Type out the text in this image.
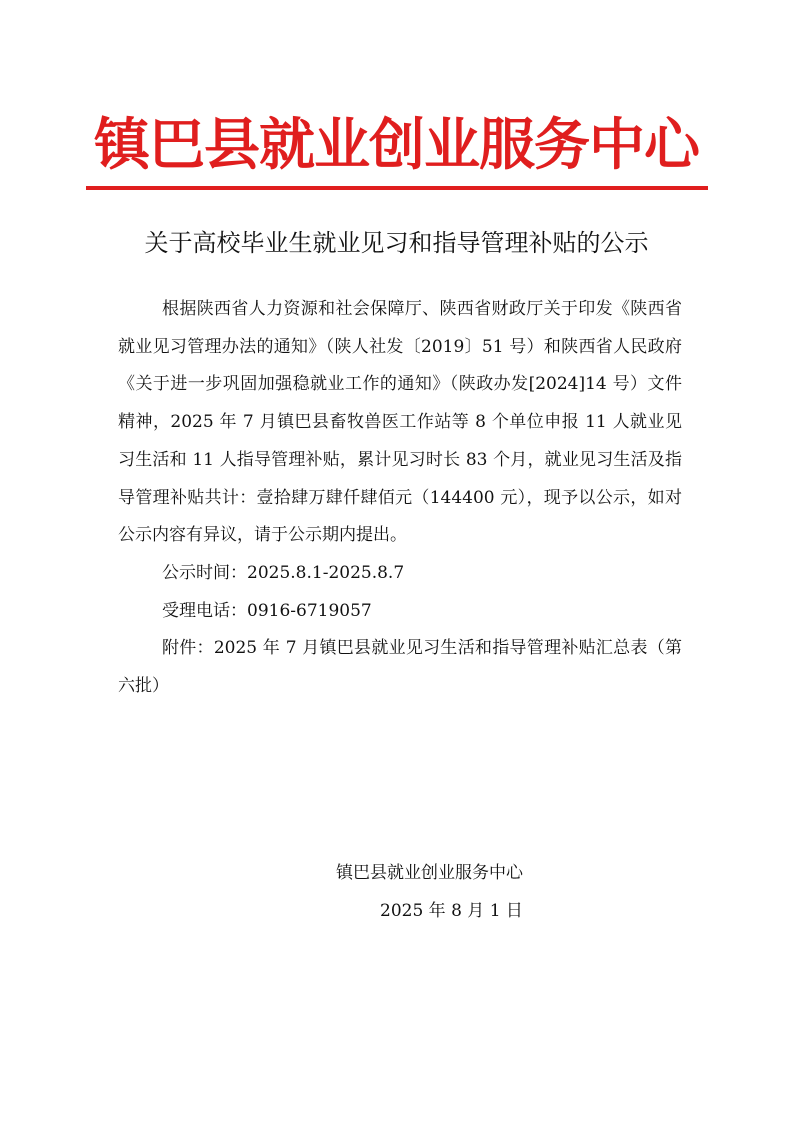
镇巴县就业创业服务中心
关于高校毕业生就业见习和指导管理补贴的公示

根据陕西省人力资源和社会保障厅、陕西省财政厅关于印发《陕西省就业见习管理办法的通知》（陕人社发〔2019〕51 号）和陕西省人民政府《关于进一步巩固加强稳就业工作的通知》（陕政办发[2024]14 号）文件精神，2025 年 7 月镇巴县畜牧兽医工作站等 8 个单位申报 11 人就业见习生活和 11 人指导管理补贴，累计见习时长 83 个月，就业见习生活及指导管理补贴共计：壹拾肆万肆仟肆佰元（144400 元），现予以公示，如对公示内容有异议，请于公示期内提出。

公示时间：2025.8.1-2025.8.7

受理电话：0916-6719057

附件：2025 年 7 月镇巴县就业见习生活和指导管理补贴汇总表（第六批）

镇巴县就业创业服务中心
2025 年 8 月 1 日
